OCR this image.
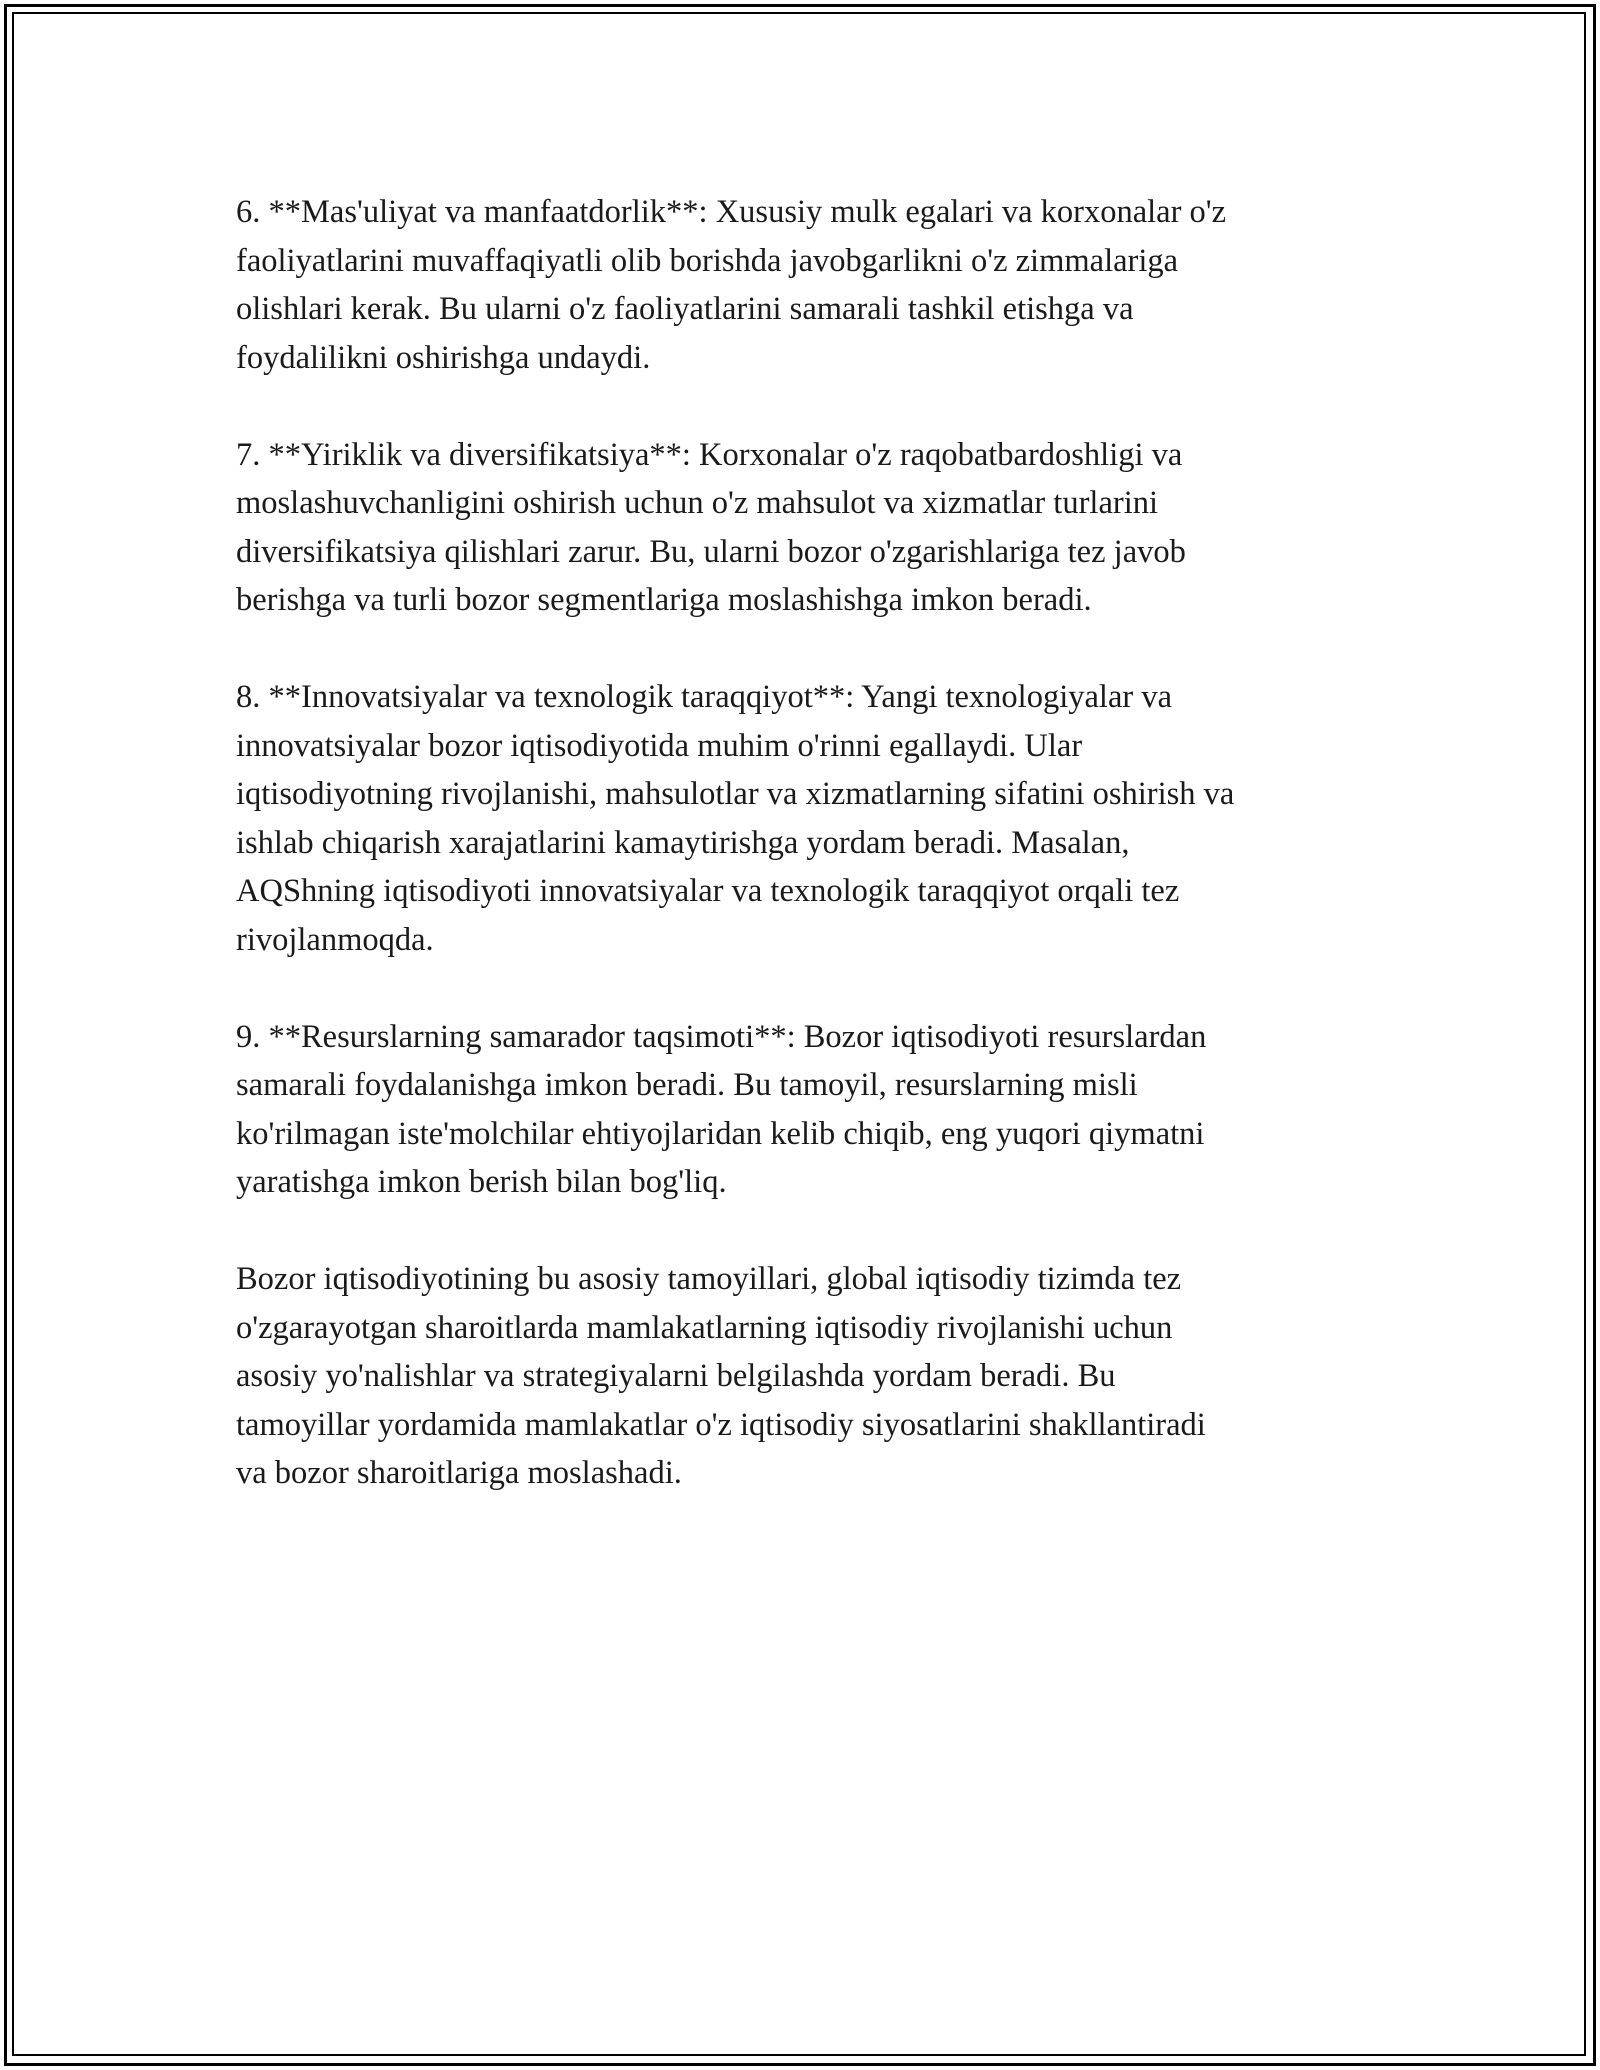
6. **Mas'uliyat va manfaatdorlik**: Xususiy mulk egalari va korxonalar o'z
faoliyatlarini muvaffaqiyatli olib borishda javobgarlikni o'z zimmalariga
olishlari kerak. Bu ularni o'z faoliyatlarini samarali tashkil etishga va
foydalilikni oshirishga undaydi.

7. **Yiriklik va diversifikatsiya**: Korxonalar o'z raqobatbardoshligi va
moslashuvchanligini oshirish uchun o'z mahsulot va xizmatlar turlarini
diversifikatsiya qilishlari zarur. Bu, ularni bozor o'zgarishlariga tez javob
berishga va turli bozor segmentlariga moslashishga imkon beradi.

8. **Innovatsiyalar va texnologik taraqqiyot**: Yangi texnologiyalar va
innovatsiyalar bozor iqtisodiyotida muhim o'rinni egallaydi. Ular
iqtisodiyotning rivojlanishi, mahsulotlar va xizmatlarning sifatini oshirish va
ishlab chiqarish xarajatlarini kamaytirishga yordam beradi. Masalan,
AQShning iqtisodiyoti innovatsiyalar va texnologik taraqqiyot orqali tez
rivojlanmoqda.

9. **Resurslarning samarador taqsimoti**: Bozor iqtisodiyoti resurslardan
samarali foydalanishga imkon beradi. Bu tamoyil, resurslarning misli
ko'rilmagan iste'molchilar ehtiyojlaridan kelib chiqib, eng yuqori qiymatni
yaratishga imkon berish bilan bog'liq.

Bozor iqtisodiyotining bu asosiy tamoyillari, global iqtisodiy tizimda tez
o'zgarayotgan sharoitlarda mamlakatlarning iqtisodiy rivojlanishi uchun
asosiy yo'nalishlar va strategiyalarni belgilashda yordam beradi. Bu
tamoyillar yordamida mamlakatlar o'z iqtisodiy siyosatlarini shakllantiradi
va bozor sharoitlariga moslashadi.
